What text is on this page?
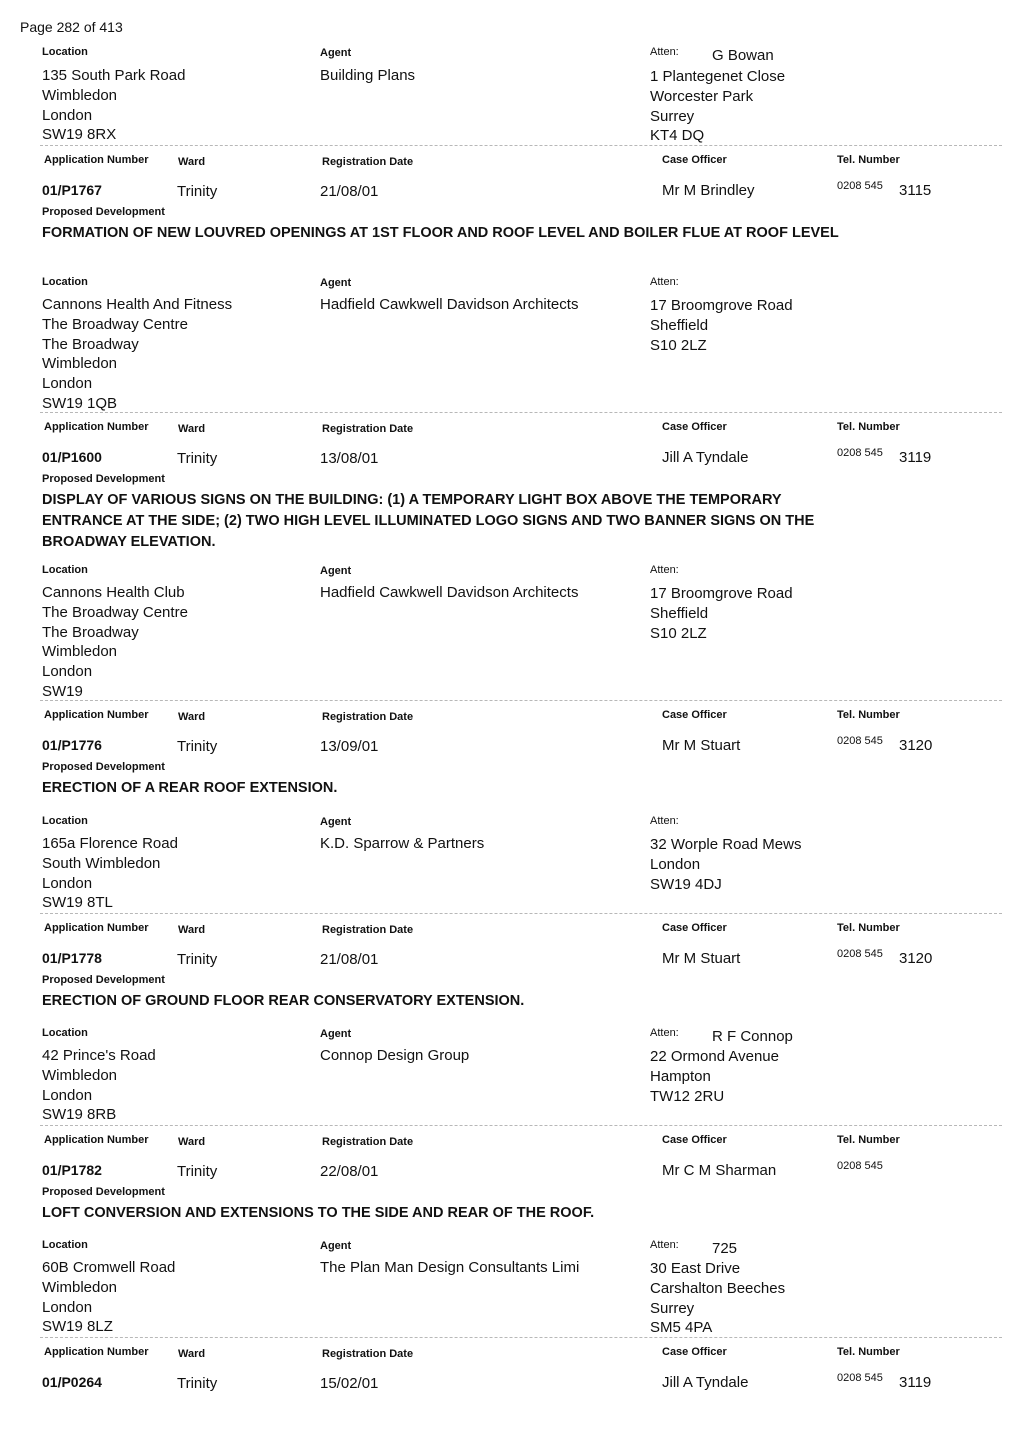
Page 282 of 413
Location	Agent	Atten: G Bowan
135 South Park Road
Wimbledon
London
SW19 8RX
Building Plans	1 Plantegenet Close
Worcester Park
Surrey
KT4 DQ
Application Number	Ward	Registration Date	Case Officer	Tel. Number
01/P1767	Trinity	21/08/01	Mr M Brindley	0208 545 3115
Proposed Development
FORMATION OF NEW LOUVRED OPENINGS AT 1ST FLOOR AND ROOF LEVEL AND BOILER FLUE AT ROOF LEVEL
Location	Agent	Atten:
Cannons Health And Fitness
The Broadway Centre
The Broadway
Wimbledon
London
SW19 1QB
Hadfield Cawkwell Davidson Architects	17 Broomgrove Road
Sheffield
S10 2LZ
Application Number	Ward	Registration Date	Case Officer	Tel. Number
01/P1600	Trinity	13/08/01	Jill A Tyndale	0208 545 3119
Proposed Development
DISPLAY OF VARIOUS SIGNS ON THE BUILDING: (1) A TEMPORARY LIGHT BOX ABOVE THE TEMPORARY ENTRANCE AT THE SIDE; (2) TWO HIGH LEVEL ILLUMINATED LOGO SIGNS AND TWO BANNER SIGNS ON THE BROADWAY ELEVATION.
Location	Agent	Atten:
Cannons Health Club
The Broadway Centre
The Broadway
Wimbledon
London
SW19
Hadfield Cawkwell Davidson Architects	17 Broomgrove Road
Sheffield
S10 2LZ
Application Number	Ward	Registration Date	Case Officer	Tel. Number
01/P1776	Trinity	13/09/01	Mr M Stuart	0208 545 3120
Proposed Development
ERECTION OF A REAR ROOF EXTENSION.
Location	Agent	Atten:
165a Florence Road
South Wimbledon
London
SW19 8TL
K.D. Sparrow & Partners	32 Worple Road Mews
London
SW19 4DJ
Application Number	Ward	Registration Date	Case Officer	Tel. Number
01/P1778	Trinity	21/08/01	Mr M Stuart	0208 545 3120
Proposed Development
ERECTION OF GROUND FLOOR REAR CONSERVATORY EXTENSION.
Location	Agent	Atten: R F Connop
42 Prince's Road
Wimbledon
London
SW19 8RB
Connop Design Group	22 Ormond Avenue
Hampton
TW12 2RU
Application Number	Ward	Registration Date	Case Officer	Tel. Number
01/P1782	Trinity	22/08/01	Mr C M Sharman	0208 545
Proposed Development
LOFT CONVERSION AND EXTENSIONS TO THE SIDE AND REAR OF THE ROOF.
Location	Agent	Atten: 725
60B Cromwell Road
Wimbledon
London
SW19 8LZ
The Plan Man Design Consultants Limi	30 East Drive
Carshalton Beeches
Surrey
SM5 4PA
Application Number	Ward	Registration Date	Case Officer	Tel. Number
01/P0264	Trinity	15/02/01	Jill A Tyndale	0208 545 3119
